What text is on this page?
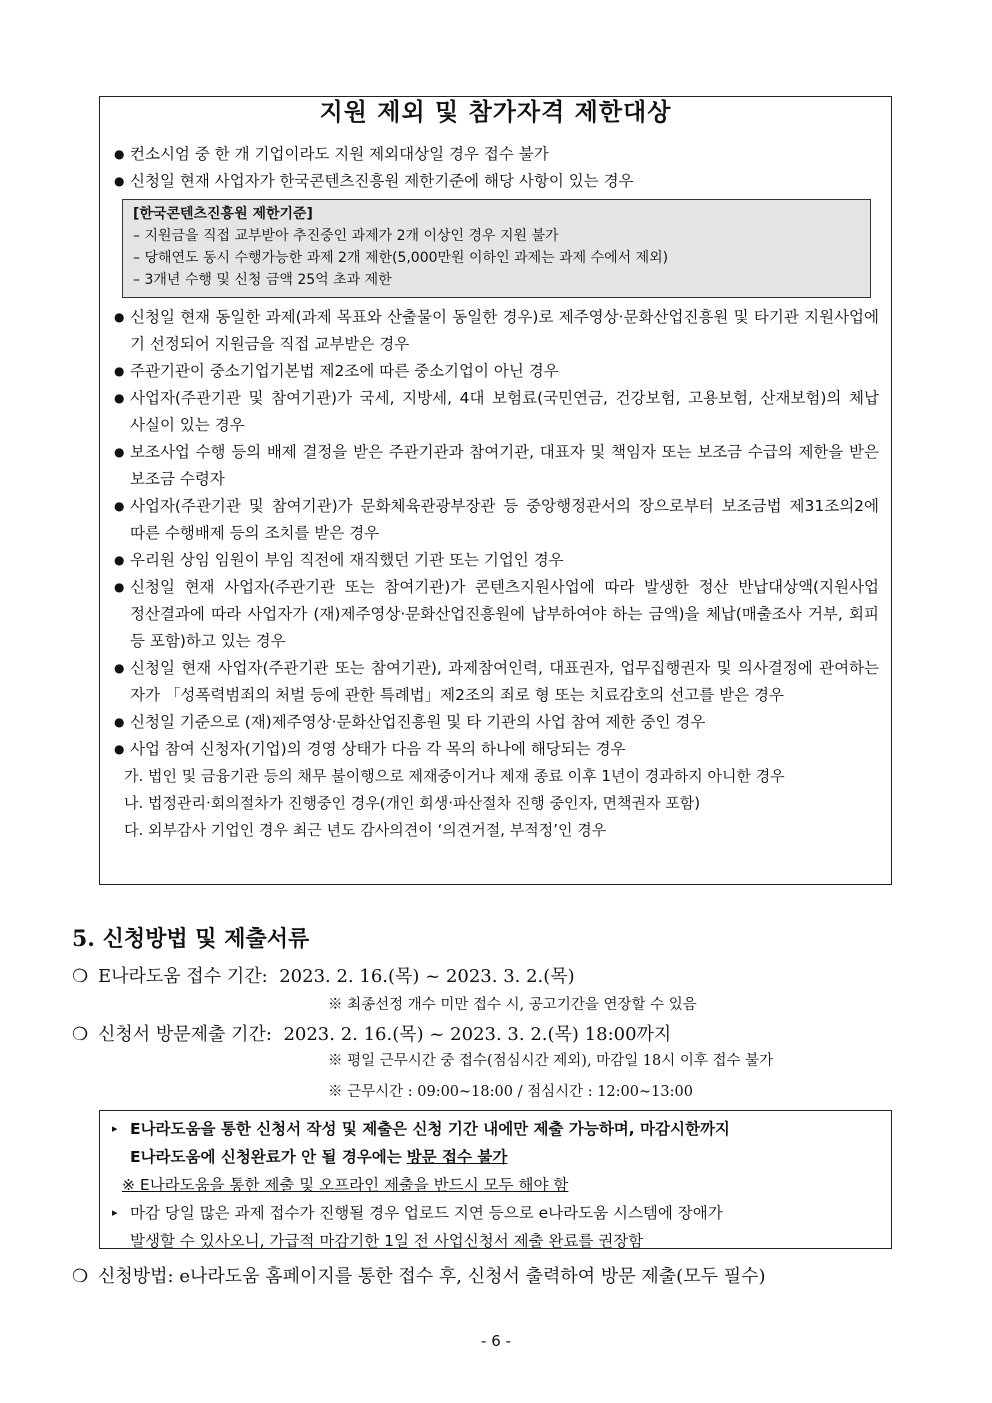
지원 제외 및 참가자격 제한대상
● 컨소시엄 중 한 개 기업이라도 지원 제외대상일 경우 접수 불가
● 신청일 현재 사업자가 한국콘텐츠진흥원 제한기준에 해당 사항이 있는 경우
[한국콘텐츠진흥원 제한기준]
– 지원금을 직접 교부받아 추진중인 과제가 2개 이상인 경우 지원 불가
– 당해연도 동시 수행가능한 과제 2개 제한(5,000만원 이하인 과제는 과제 수에서 제외)
– 3개년 수행 및 신청 금액 25억 초과 제한
● 신청일 현재 동일한 과제(과제 목표와 산출물이 동일한 경우)로 제주영상·문화산업진흥원 및 타기관 지원사업에 기 선정되어 지원금을 직접 교부받은 경우
● 주관기관이 중소기업기본법 제2조에 따른 중소기업이 아닌 경우
● 사업자(주관기관 및 참여기관)가 국세, 지방세, 4대 보험료(국민연금, 건강보험, 고용보험, 산재보험)의 체납 사실이 있는 경우
● 보조사업 수행 등의 배제 결정을 받은 주관기관과 참여기관, 대표자 및 책임자 또는 보조금 수급의 제한을 받은 보조금 수령자
● 사업자(주관기관 및 참여기관)가 문화체육관광부장관 등 중앙행정관서의 장으로부터 보조금법 제31조의2에 따른 수행배제 등의 조치를 받은 경우
● 우리원 상임 임원이 부임 직전에 재직했던 기관 또는 기업인 경우
● 신청일 현재 사업자(주관기관 또는 참여기관)가 콘텐츠지원사업에 따라 발생한 정산 반납대상액(지원사업 정산결과에 따라 사업자가 (재)제주영상·문화산업진흥원에 납부하여야 하는 금액)을 체납(매출조사 거부, 회피 등 포함)하고 있는 경우
● 신청일 현재 사업자(주관기관 또는 참여기관), 과제참여인력, 대표권자, 업무집행권자 및 의사결정에 관여하는 자가 「성폭력범죄의 처벌 등에 관한 특례법」제2조의 죄로 형 또는 치료감호의 선고를 받은 경우
● 신청일 기준으로 (재)제주영상·문화산업진흥원 및 타 기관의 사업 참여 제한 중인 경우
● 사업 참여 신청자(기업)의 경영 상태가 다음 각 목의 하나에 해당되는 경우
가. 법인 및 금융기관 등의 채무 불이행으로 제재중이거나 제재 종료 이후 1년이 경과하지 아니한 경우
나. 법정관리·회의절차가 진행중인 경우(개인 회생·파산절차 진행 중인자, 면책권자 포함)
다. 외부감사 기업인 경우 최근 년도 감사의견이 ‘의견거절, 부적정’인 경우
5. 신청방법 및 제출서류
❍ E나라도움 접수 기간: 2023. 2. 16.(목) ~ 2023. 3. 2.(목)
※ 최종선정 개수 미만 접수 시, 공고기간을 연장할 수 있음
❍ 신청서 방문제출 기간: 2023. 2. 16.(목) ~ 2023. 3. 2.(목) 18:00까지
※ 평일 근무시간 중 접수(점심시간 제외), 마감일 18시 이후 접수 불가
※ 근무시간 : 09:00~18:00 / 점심시간 : 12:00~13:00
▸ E나라도움을 통한 신청서 작성 및 제출은 신청 기간 내에만 제출 가능하며, 마감시한까지
E나라도움에 신청완료가 안 될 경우에는 방문 접수 불가
※ E나라도움을 통한 제출 및 오프라인 제출을 반드시 모두 해야 함
▸ 마감 당일 많은 과제 접수가 진행될 경우 업로드 지연 등으로 e나라도움 시스템에 장애가
발생할 수 있사오니, 가급적 마감기한 1일 전 사업신청서 제출 완료를 권장함
❍ 신청방법: e나라도움 홈페이지를 통한 접수 후, 신청서 출력하여 방문 제출(모두 필수)
- 6 -
